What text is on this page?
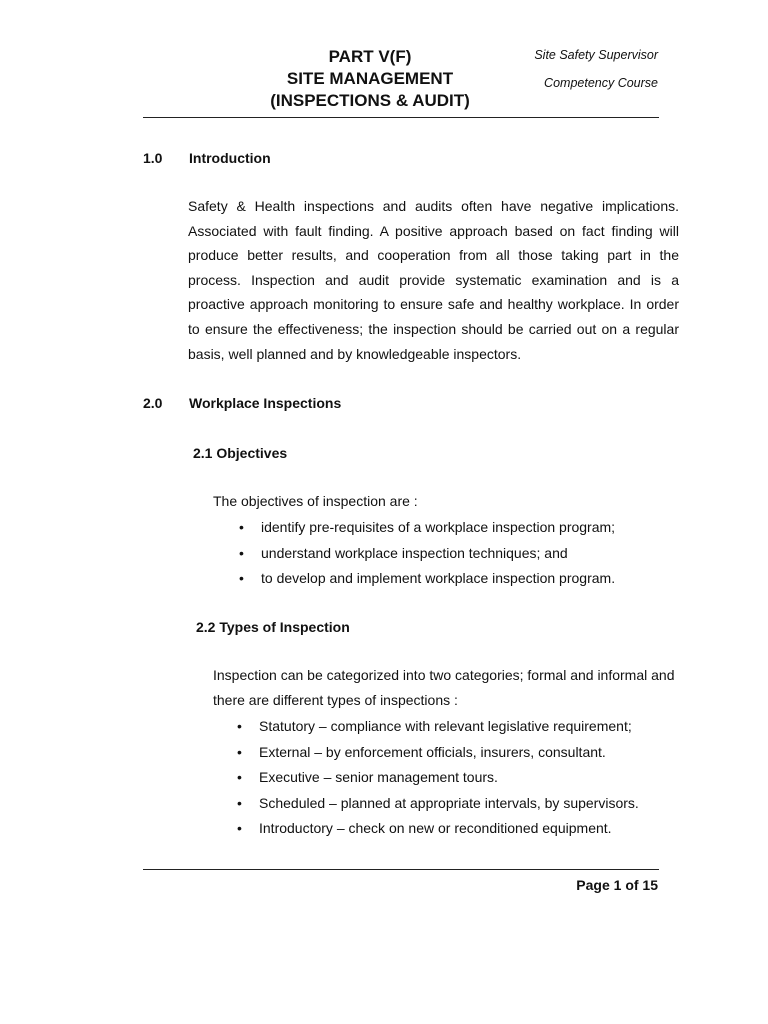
PART V(F)
SITE MANAGEMENT
(INSPECTIONS & AUDIT)
Site Safety Supervisor
Competency Course
1.0 Introduction
Safety & Health inspections and audits often have negative implications. Associated with fault finding. A positive approach based on fact finding will produce better results, and cooperation from all those taking part in the process. Inspection and audit provide systematic examination and is a proactive approach monitoring to ensure safe and healthy workplace. In order to ensure the effectiveness; the inspection should be carried out on a regular basis, well planned and by knowledgeable inspectors.
2.0 Workplace Inspections
2.1 Objectives
The objectives of inspection are :
• identify pre-requisites of a workplace inspection program;
• understand workplace inspection techniques; and
• to develop and implement workplace inspection program.
2.2 Types of Inspection
Inspection can be categorized into two categories; formal and informal and there are different types of inspections :
• Statutory – compliance with relevant legislative requirement;
• External – by enforcement officials, insurers, consultant.
• Executive – senior management tours.
• Scheduled – planned at appropriate intervals, by supervisors.
• Introductory – check on new or reconditioned equipment.
Page 1 of 15
